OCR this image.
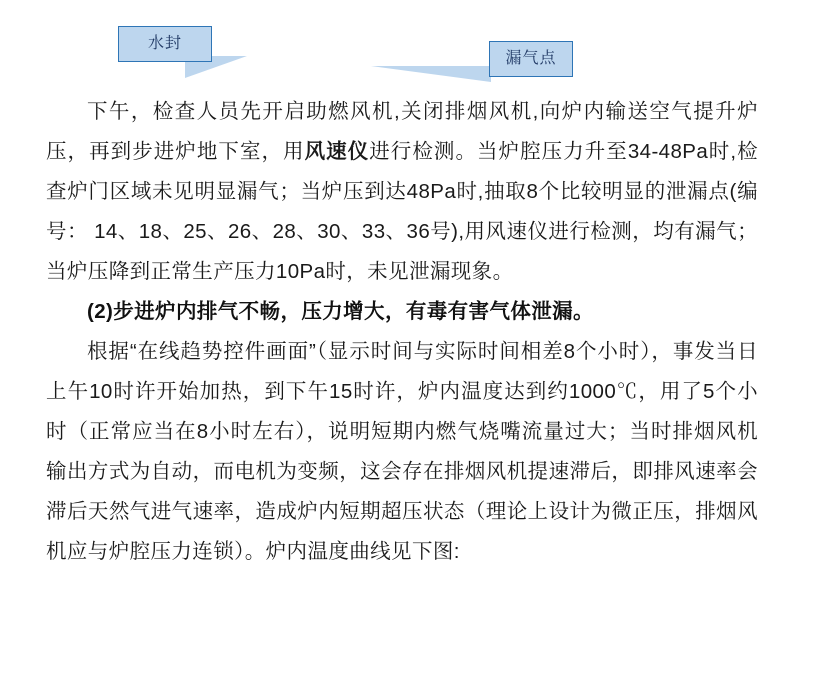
水封
漏气点

下午，检查人员先开启助燃风机,关闭排烟风机,向炉内输送空气提升炉压，再到步进炉地下室，用风速仪进行检测。当炉腔压力升至34-48Pa时,检查炉门区域未见明显漏气；当炉压到达48Pa时,抽取8个比较明显的泄漏点(编号： 14、18、25、26、28、30、33、36号),用风速仪进行检测，均有漏气；当炉压降到正常生产压力10Pa时，未见泄漏现象。

(2)步进炉内排气不畅，压力增大，有毒有害气体泄漏。

根据“在线趋势控件画面”（显示时间与实际时间相差8个小时），事发当日上午10时许开始加热，到下午15时许，炉内温度达到约1000℃，用了5个小时（正常应当在8小时左右），说明短期内燃气烧嘴流量过大；当时排烟风机输出方式为自动，而电机为变频，这会存在排烟风机提速滞后，即排风速率会滞后天然气进气速率，造成炉内短期超压状态（理论上设计为微正压，排烟风机应与炉腔压力连锁）。炉内温度曲线见下图:
